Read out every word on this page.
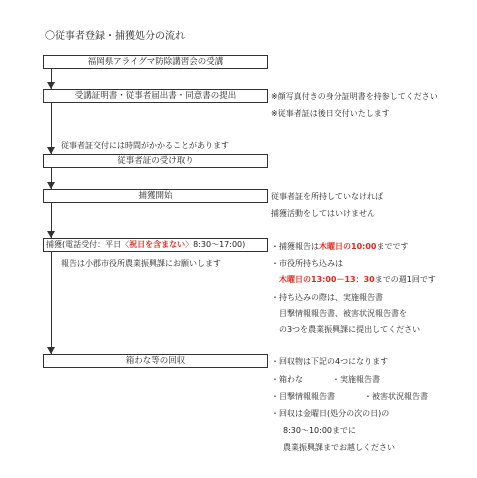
〇従事者登録・捕獲処分の流れ
福岡県アライグマ防除講習会の受講
受講証明書・従事者届出書・同意書の提出
従事者証の受け取り
捕獲開始
捕獲(電話受付：平日〈祝日を含まない〉8:30～17:00)
箱わな等の回収
※顔写真付きの身分証明書を持参してください
※従事者証は後日交付いたします
従事者証交付には時間がかかることがあります
従事者証を所持していなければ
捕獲活動をしてはいけません
報告は小郡市役所農業振興課にお願いします
・捕獲報告は木曜日の10:00までです
・市役所持ち込みは
木曜日の13:00－13：30までの週1回です
・持ち込みの際は、実施報告書
目撃情報報告書、被害状況報告書を
の3つを農業振興課に提出してください
・回収物は下記の4つになります
・箱わな	・実施報告書
・目撃情報報告書	・被害状況報告書
・回収は金曜日(処分の次の日)の
8:30～10:00までに
農業振興課までお越しください
